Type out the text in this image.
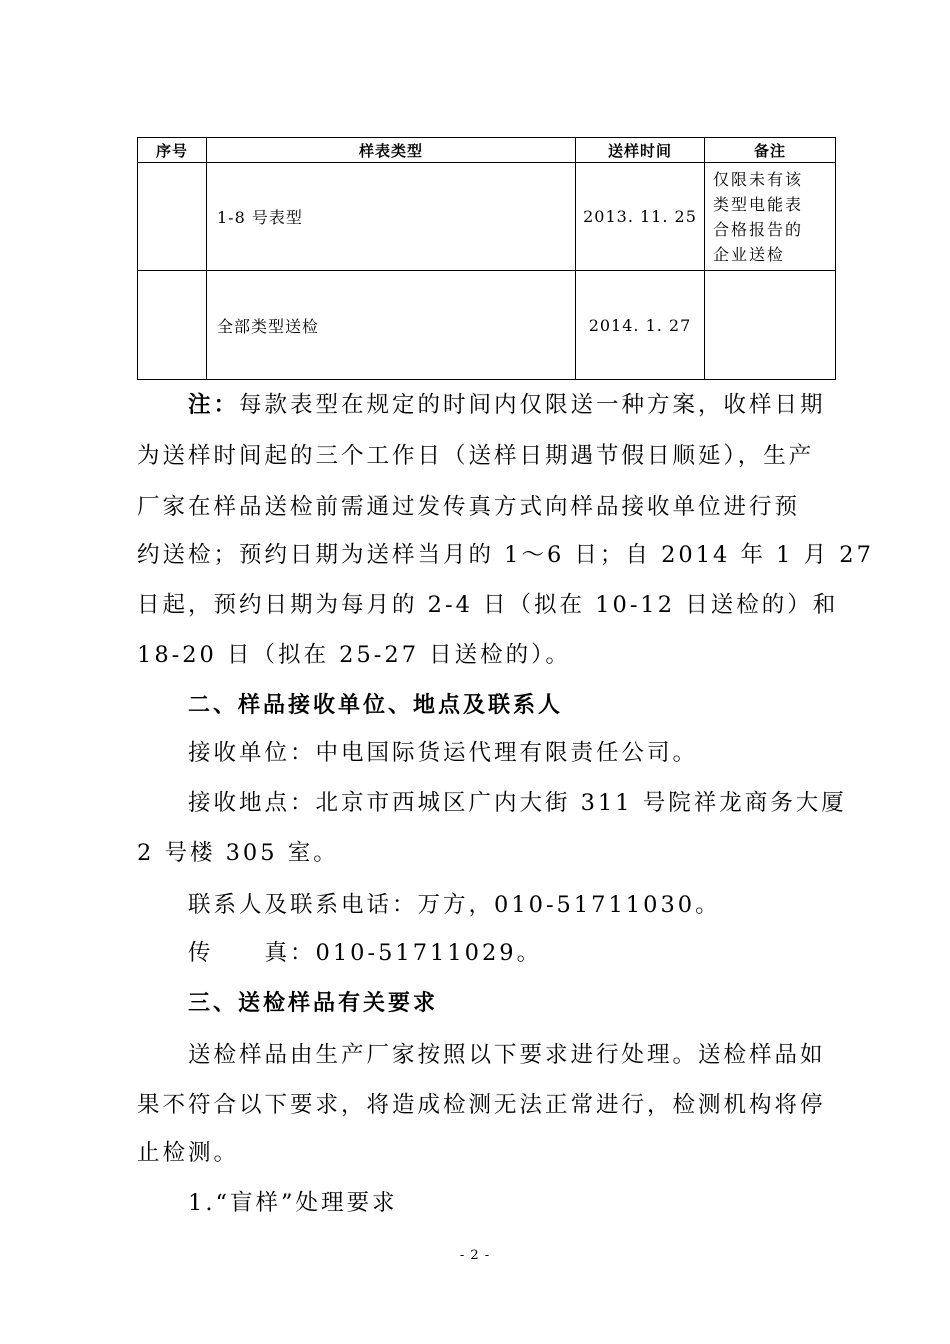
序号	样表类型	送样时间	备注
	1-8 号表型	2013. 11. 25	仅限未有该
类型电能表
合格报告的
企业送检

	全部类型送检	2014. 1. 27	
注：每款表型在规定的时间内仅限送一种方案，收样日期
为送样时间起的三个工作日（送样日期遇节假日顺延），生产
厂家在样品送检前需通过发传真方式向样品接收单位进行预
约送检；预约日期为送样当月的 1～6 日；自 2014 年 1 月 27
日起，预约日期为每月的 2-4 日（拟在 10-12 日送检的）和
18-20 日（拟在 25-27 日送检的）。
二、样品接收单位、地点及联系人
接收单位：中电国际货运代理有限责任公司。
接收地点：北京市西城区广内大街 311 号院祥龙商务大厦
2 号楼 305 室。
联系人及联系电话：万方，010-51711030。
传　　真：010-51711029。
三、送检样品有关要求
送检样品由生产厂家按照以下要求进行处理。送检样品如
果不符合以下要求，将造成检测无法正常进行，检测机构将停
止检测。
1.“盲样”处理要求
- 2 -
